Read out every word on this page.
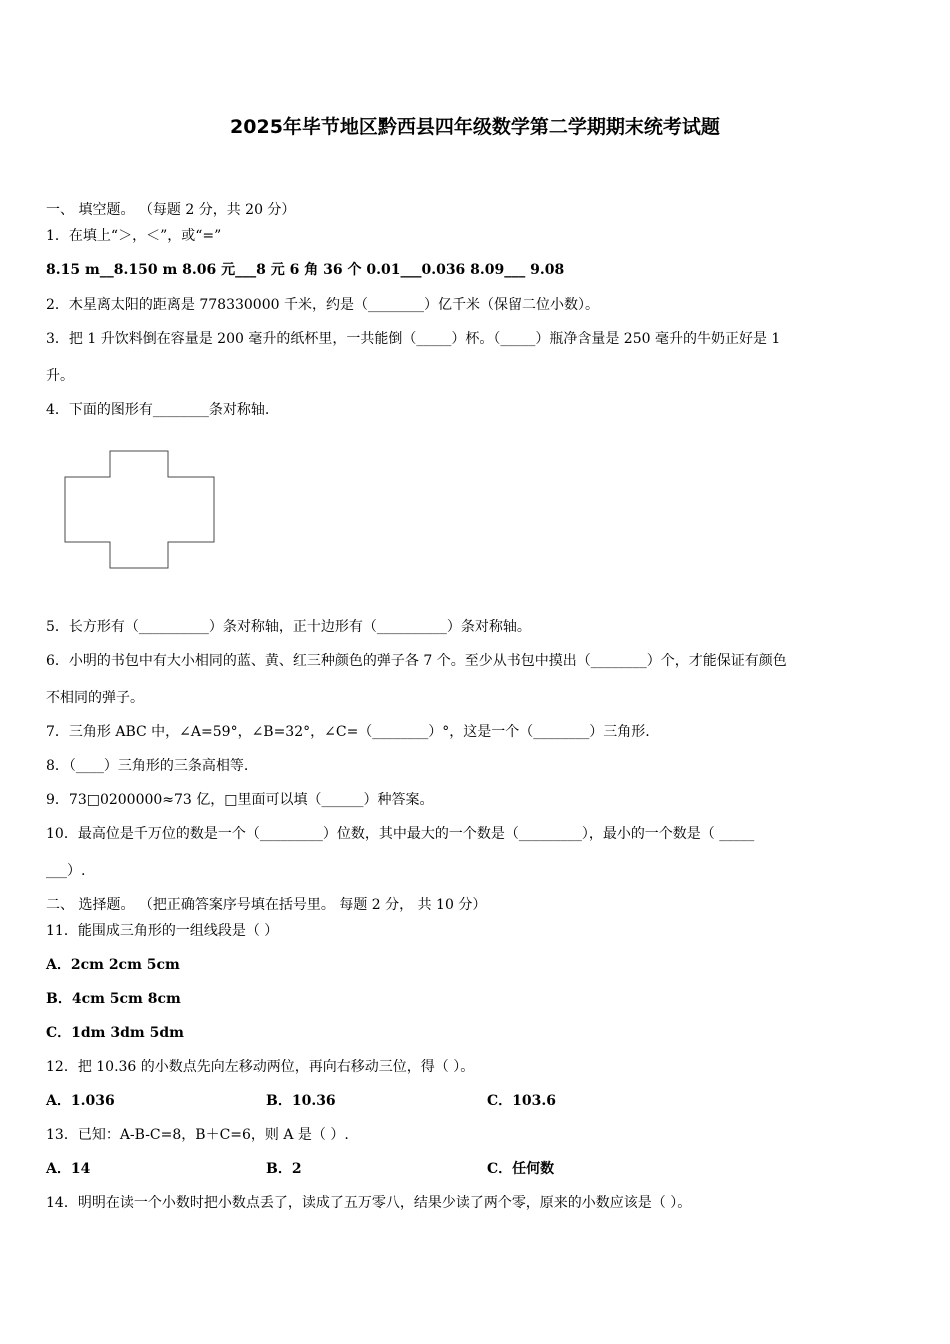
2025年毕节地区黔西县四年级数学第二学期期末统考试题
一、 填空题。 （每题 2 分，共 20 分）
1．在填上“＞，＜”，或“=”
8.15 m__8.150 m 8.06 元___8 元 6 角 36 个 0.01___0.036 8.09___ 9.08
2．木星离太阳的距离是 778330000 千米，约是（________）亿千米（保留二位小数）。
3．把 1 升饮料倒在容量是 200 毫升的纸杯里，一共能倒（_____）杯。（_____）瓶净含量是 250 毫升的牛奶正好是 1
升。
4．下面的图形有________条对称轴.
5．长方形有（__________）条对称轴，正十边形有（__________）条对称轴。
6．小明的书包中有大小相同的蓝、黄、红三种颜色的弹子各 7 个。至少从书包中摸出（________）个，才能保证有颜色
不相同的弹子。
7．三角形 ABC 中，∠A=59°，∠B=32°，∠C=（________）°，这是一个（________）三角形.
8．（____）三角形的三条高相等.
9．73□0200000≈73 亿，□里面可以填（______）种答案。
10．最高位是千万位的数是一个（_________）位数，其中最大的一个数是（_________），最小的一个数是（ _____
___）.
二、 选择题。 （把正确答案序号填在括号里。 每题 2 分， 共 10 分）
11．能围成三角形的一组线段是（ ）
A．2cm 2cm 5cm
B．4cm 5cm 8cm
C．1dm 3dm 5dm
12．把 10.36 的小数点先向左移动两位，再向右移动三位，得（ ）。
A．1.036	B．10.36	C．103.6
13．已知：A-B-C=8，B＋C=6，则 A 是（ ）.
A．14	B．2	C．任何数
14．明明在读一个小数时把小数点丢了，读成了五万零八，结果少读了两个零，原来的小数应该是（ ）。
